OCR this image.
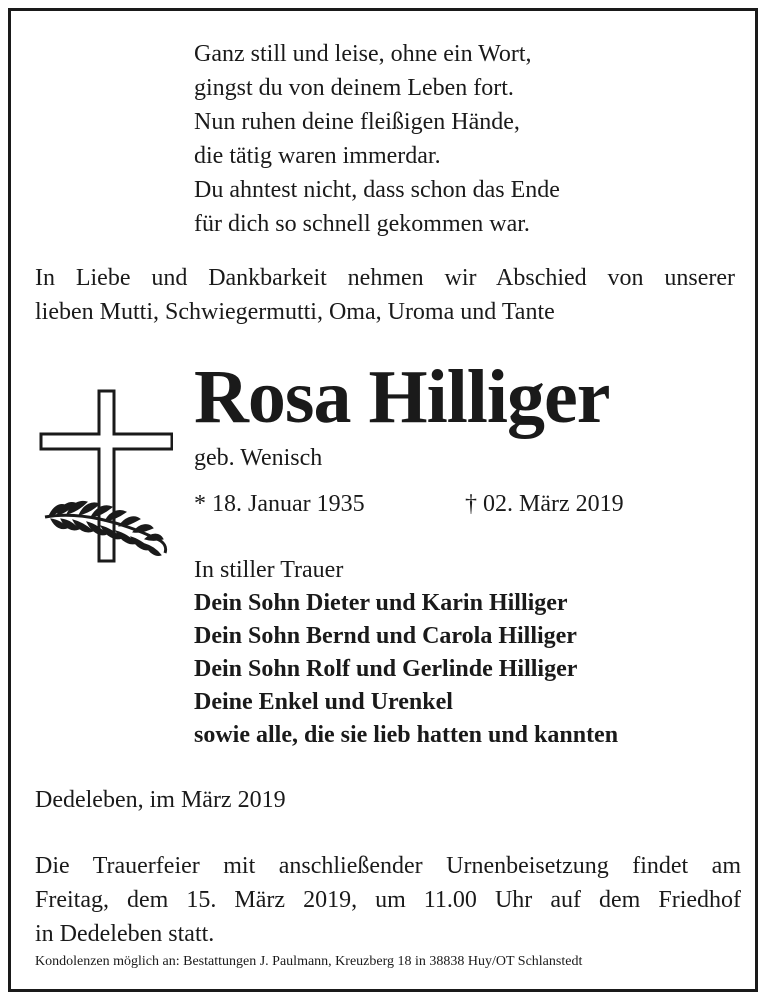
Ganz still und leise, ohne ein Wort,
gingst du von deinem Leben fort.
Nun ruhen deine fleißigen Hände,
die tätig waren immerdar.
Du ahntest nicht, dass schon das Ende
für dich so schnell gekommen war.
In Liebe und Dankbarkeit nehmen wir Abschied von unserer
lieben Mutti, Schwiegermutti, Oma, Uroma und Tante
Rosa Hilliger
geb. Wenisch
* 18. Januar 1935	† 02. März 2019
In stiller Trauer
Dein Sohn Dieter und Karin Hilliger
Dein Sohn Bernd und Carola Hilliger
Dein Sohn Rolf und Gerlinde Hilliger
Deine Enkel und Urenkel
sowie alle, die sie lieb hatten und kannten
Dedeleben, im März 2019
Die Trauerfeier mit anschließender Urnenbeisetzung findet am
Freitag, dem 15. März 2019, um 11.00 Uhr auf dem Friedhof
in Dedeleben statt.
Kondolenzen möglich an: Bestattungen J. Paulmann, Kreuzberg 18 in 38838 Huy/OT Schlanstedt
